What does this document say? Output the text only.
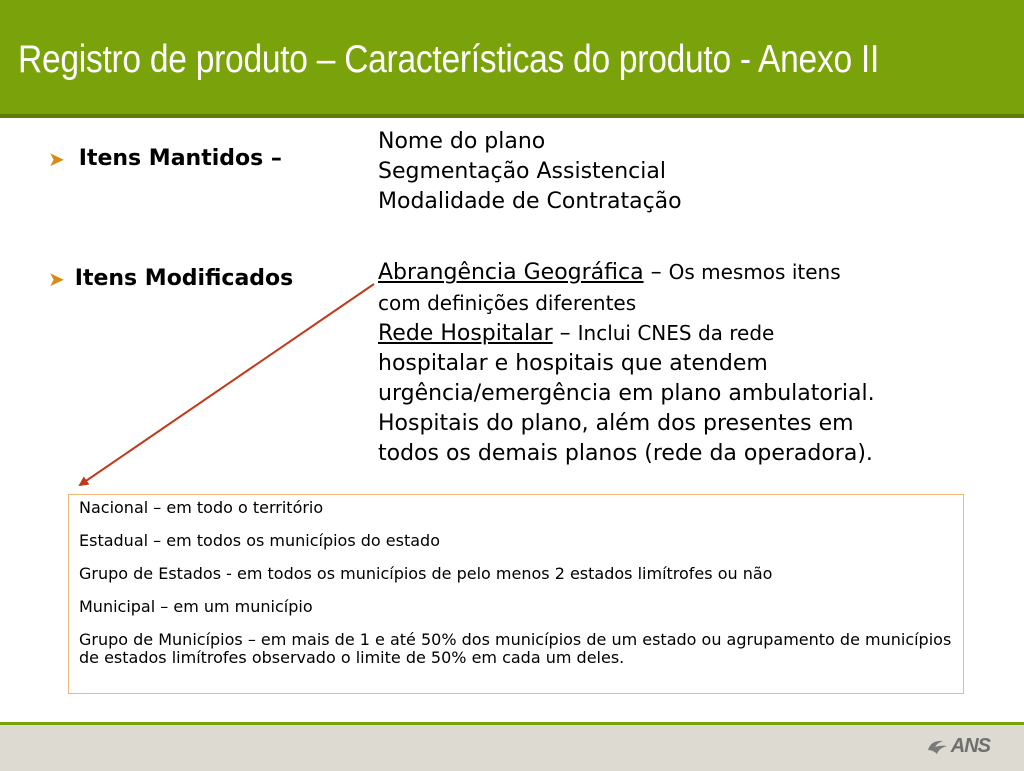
Registro de produto – Características do produto - Anexo II
➤ Itens Mantidos –
Nome do plano
Segmentação Assistencial
Modalidade de Contratação
➤ Itens Modificados	Abrangência Geográfica – Os mesmos itens
com definições diferentes
Rede Hospitalar – Inclui CNES da rede
hospitalar e hospitais que atendem
urgência/emergência em plano ambulatorial.
Hospitais do plano, além dos presentes em
todos os demais planos (rede da operadora).
Nacional – em todo o território
Estadual – em todos os municípios do estado
Grupo de Estados - em todos os municípios de pelo menos 2 estados limítrofes ou não
Municipal – em um município
Grupo de Municípios – em mais de 1 e até 50% dos municípios de um estado ou agrupamento de municípios de estados limítrofes observado o limite de 50% em cada um deles.
ANS
